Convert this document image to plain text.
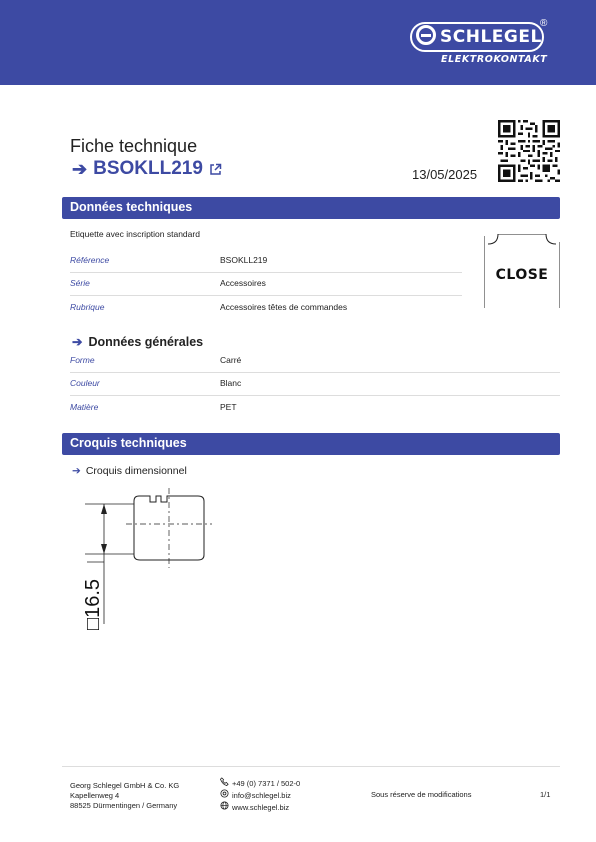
SCHLEGEL
®
ELEKTROKONTAKT
Fiche technique
➔ BSOKLL219	13/05/2025
Données techniques
Etiquette avec inscription standard
Référence	BSOKLL219
Série	Accessoires
Rubrique	Accessoires têtes de commandes
CLOSE
➔ Données générales
Forme	Carré
Couleur	Blanc
Matière	PET
Croquis techniques
➔ Croquis dimensionnel
□16.5
Georg Schlegel GmbH & Co. KG
Kapellenweg 4
88525 Dürmentingen / Germany
+49 (0) 7371 / 502-0
info@schlegel.biz
www.schlegel.biz
Sous réserve de modifications	1/1
